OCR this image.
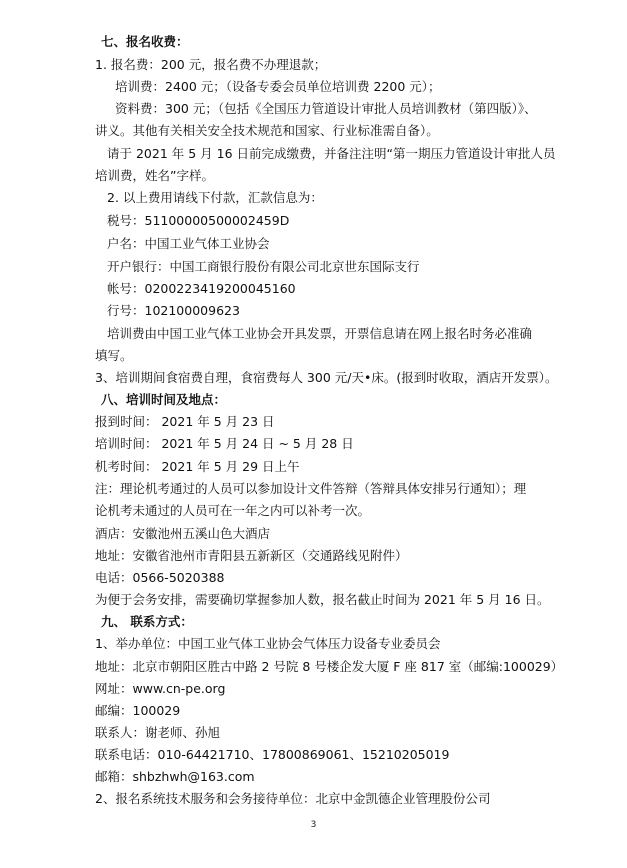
七、报名收费：
1. 报名费：200 元，报名费不办理退款；
培训费：2400 元；（设备专委会员单位培训费 2200 元）；
资料费：300 元；（包括《全国压力管道设计审批人员培训教材（第四版）》、
讲义。其他有关相关安全技术规范和国家、行业标准需自备）。
请于 2021 年 5 月 16 日前完成缴费，并备注注明“第一期压力管道设计审批人员
培训费，姓名”字样。
2. 以上费用请线下付款，汇款信息为：
税号：51100000500002459D
户名：中国工业气体工业协会
开户银行：中国工商银行股份有限公司北京世东国际支行
帐号：0200223419200045160
行号：102100009623
培训费由中国工业气体工业协会开具发票，开票信息请在网上报名时务必准确
填写。
3、培训期间食宿费自理，食宿费每人 300 元/天•床。(报到时收取，酒店开发票）。
八、培训时间及地点：
报到时间： 2021 年 5 月 23 日
培训时间： 2021 年 5 月 24 日 ~ 5 月 28 日
机考时间： 2021 年 5 月 29 日上午
注：理论机考通过的人员可以参加设计文件答辩（答辩具体安排另行通知）；理
论机考未通过的人员可在一年之内可以补考一次。
酒店：安徽池州五溪山色大酒店
地址：安徽省池州市青阳县五新新区（交通路线见附件）
电话：0566-5020388
为便于会务安排，需要确切掌握参加人数，报名截止时间为 2021 年 5 月 16 日。
九、 联系方式：
1、举办单位：中国工业气体工业协会气体压力设备专业委员会
地址：北京市朝阳区胜古中路 2 号院 8 号楼企发大厦 F 座 817 室（邮编:100029）
网址：www.cn-pe.org
邮编：100029
联系人：谢老师、孙旭
联系电话：010-64421710、17800869061、15210205019
邮箱：shbzhwh@163.com
2、报名系统技术服务和会务接待单位：北京中金凯德企业管理股份公司
3
